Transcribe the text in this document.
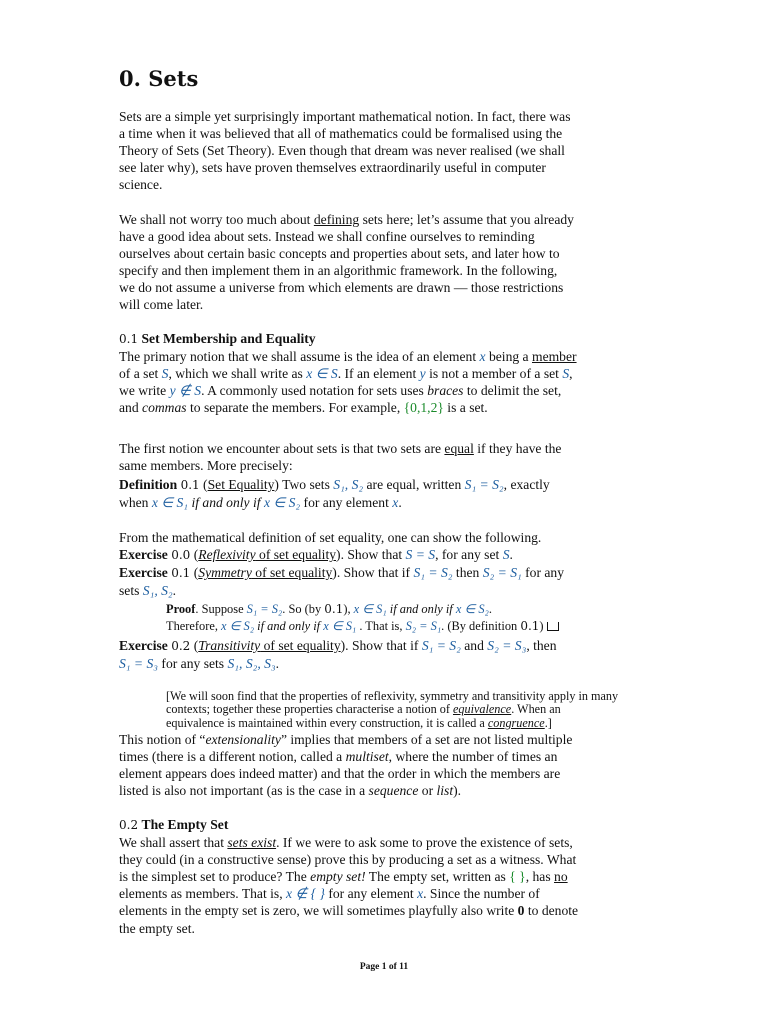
0. Sets
Sets are a simple yet surprisingly important mathematical notion. In fact, there was
a time when it was believed that all of mathematics could be formalised using the
Theory of Sets (Set Theory). Even though that dream was never realised (we shall
see later why), sets have proven themselves extraordinarily useful in computer
science.
We shall not worry too much about defining sets here; let’s assume that you already
have a good idea about sets. Instead we shall confine ourselves to reminding
ourselves about certain basic concepts and properties about sets, and later how to
specify and then implement them in an algorithmic framework. In the following,
we do not assume a universe from which elements are drawn — those restrictions
will come later.
0.1 Set Membership and Equality
The primary notion that we shall assume is the idea of an element x being a member
of a set S, which we shall write as x ∈ S. If an element y is not a member of a set S,
we write y ∉ S. A commonly used notation for sets uses braces to delimit the set,
and commas to separate the members. For example, {0,1,2} is a set.
The first notion we encounter about sets is that two sets are equal if they have the
same members. More precisely:
Definition 0.1 (Set Equality) Two sets S₁, S₂ are equal, written S₁ = S₂, exactly
when x ∈ S₁ if and only if x ∈ S₂ for any element x.
From the mathematical definition of set equality, one can show the following.
Exercise 0.0 (Reflexivity of set equality). Show that S = S, for any set S.
Exercise 0.1 (Symmetry of set equality). Show that if S₁ = S₂ then S₂ = S₁ for any
sets S₁, S₂.
Proof. Suppose S₁ = S₂. So (by 0.1), x ∈ S₁ if and only if x ∈ S₂.
Therefore, x ∈ S₂ if and only if x ∈ S₁ . That is, S₂ = S₁. (By definition 0.1)
Exercise 0.2 (Transitivity of set equality). Show that if S₁ = S₂ and S₂ = S₃, then
S₁ = S₃ for any sets S₁, S₂, S₃.
[We will soon find that the properties of reflexivity, symmetry and transitivity apply in many
contexts; together these properties characterise a notion of equivalence. When an
equivalence is maintained within every construction, it is called a congruence.]
This notion of “extensionality” implies that members of a set are not listed multiple
times (there is a different notion, called a multiset, where the number of times an
element appears does indeed matter) and that the order in which the members are
listed is also not important (as is the case in a sequence or list).
0.2 The Empty Set
We shall assert that sets exist. If we were to ask some to prove the existence of sets,
they could (in a constructive sense) prove this by producing a set as a witness. What
is the simplest set to produce? The empty set! The empty set, written as { }, has no
elements as members. That is, x ∉ { } for any element x. Since the number of
elements in the empty set is zero, we will sometimes playfully also write 0 to denote
the empty set.
Page 1 of 11
